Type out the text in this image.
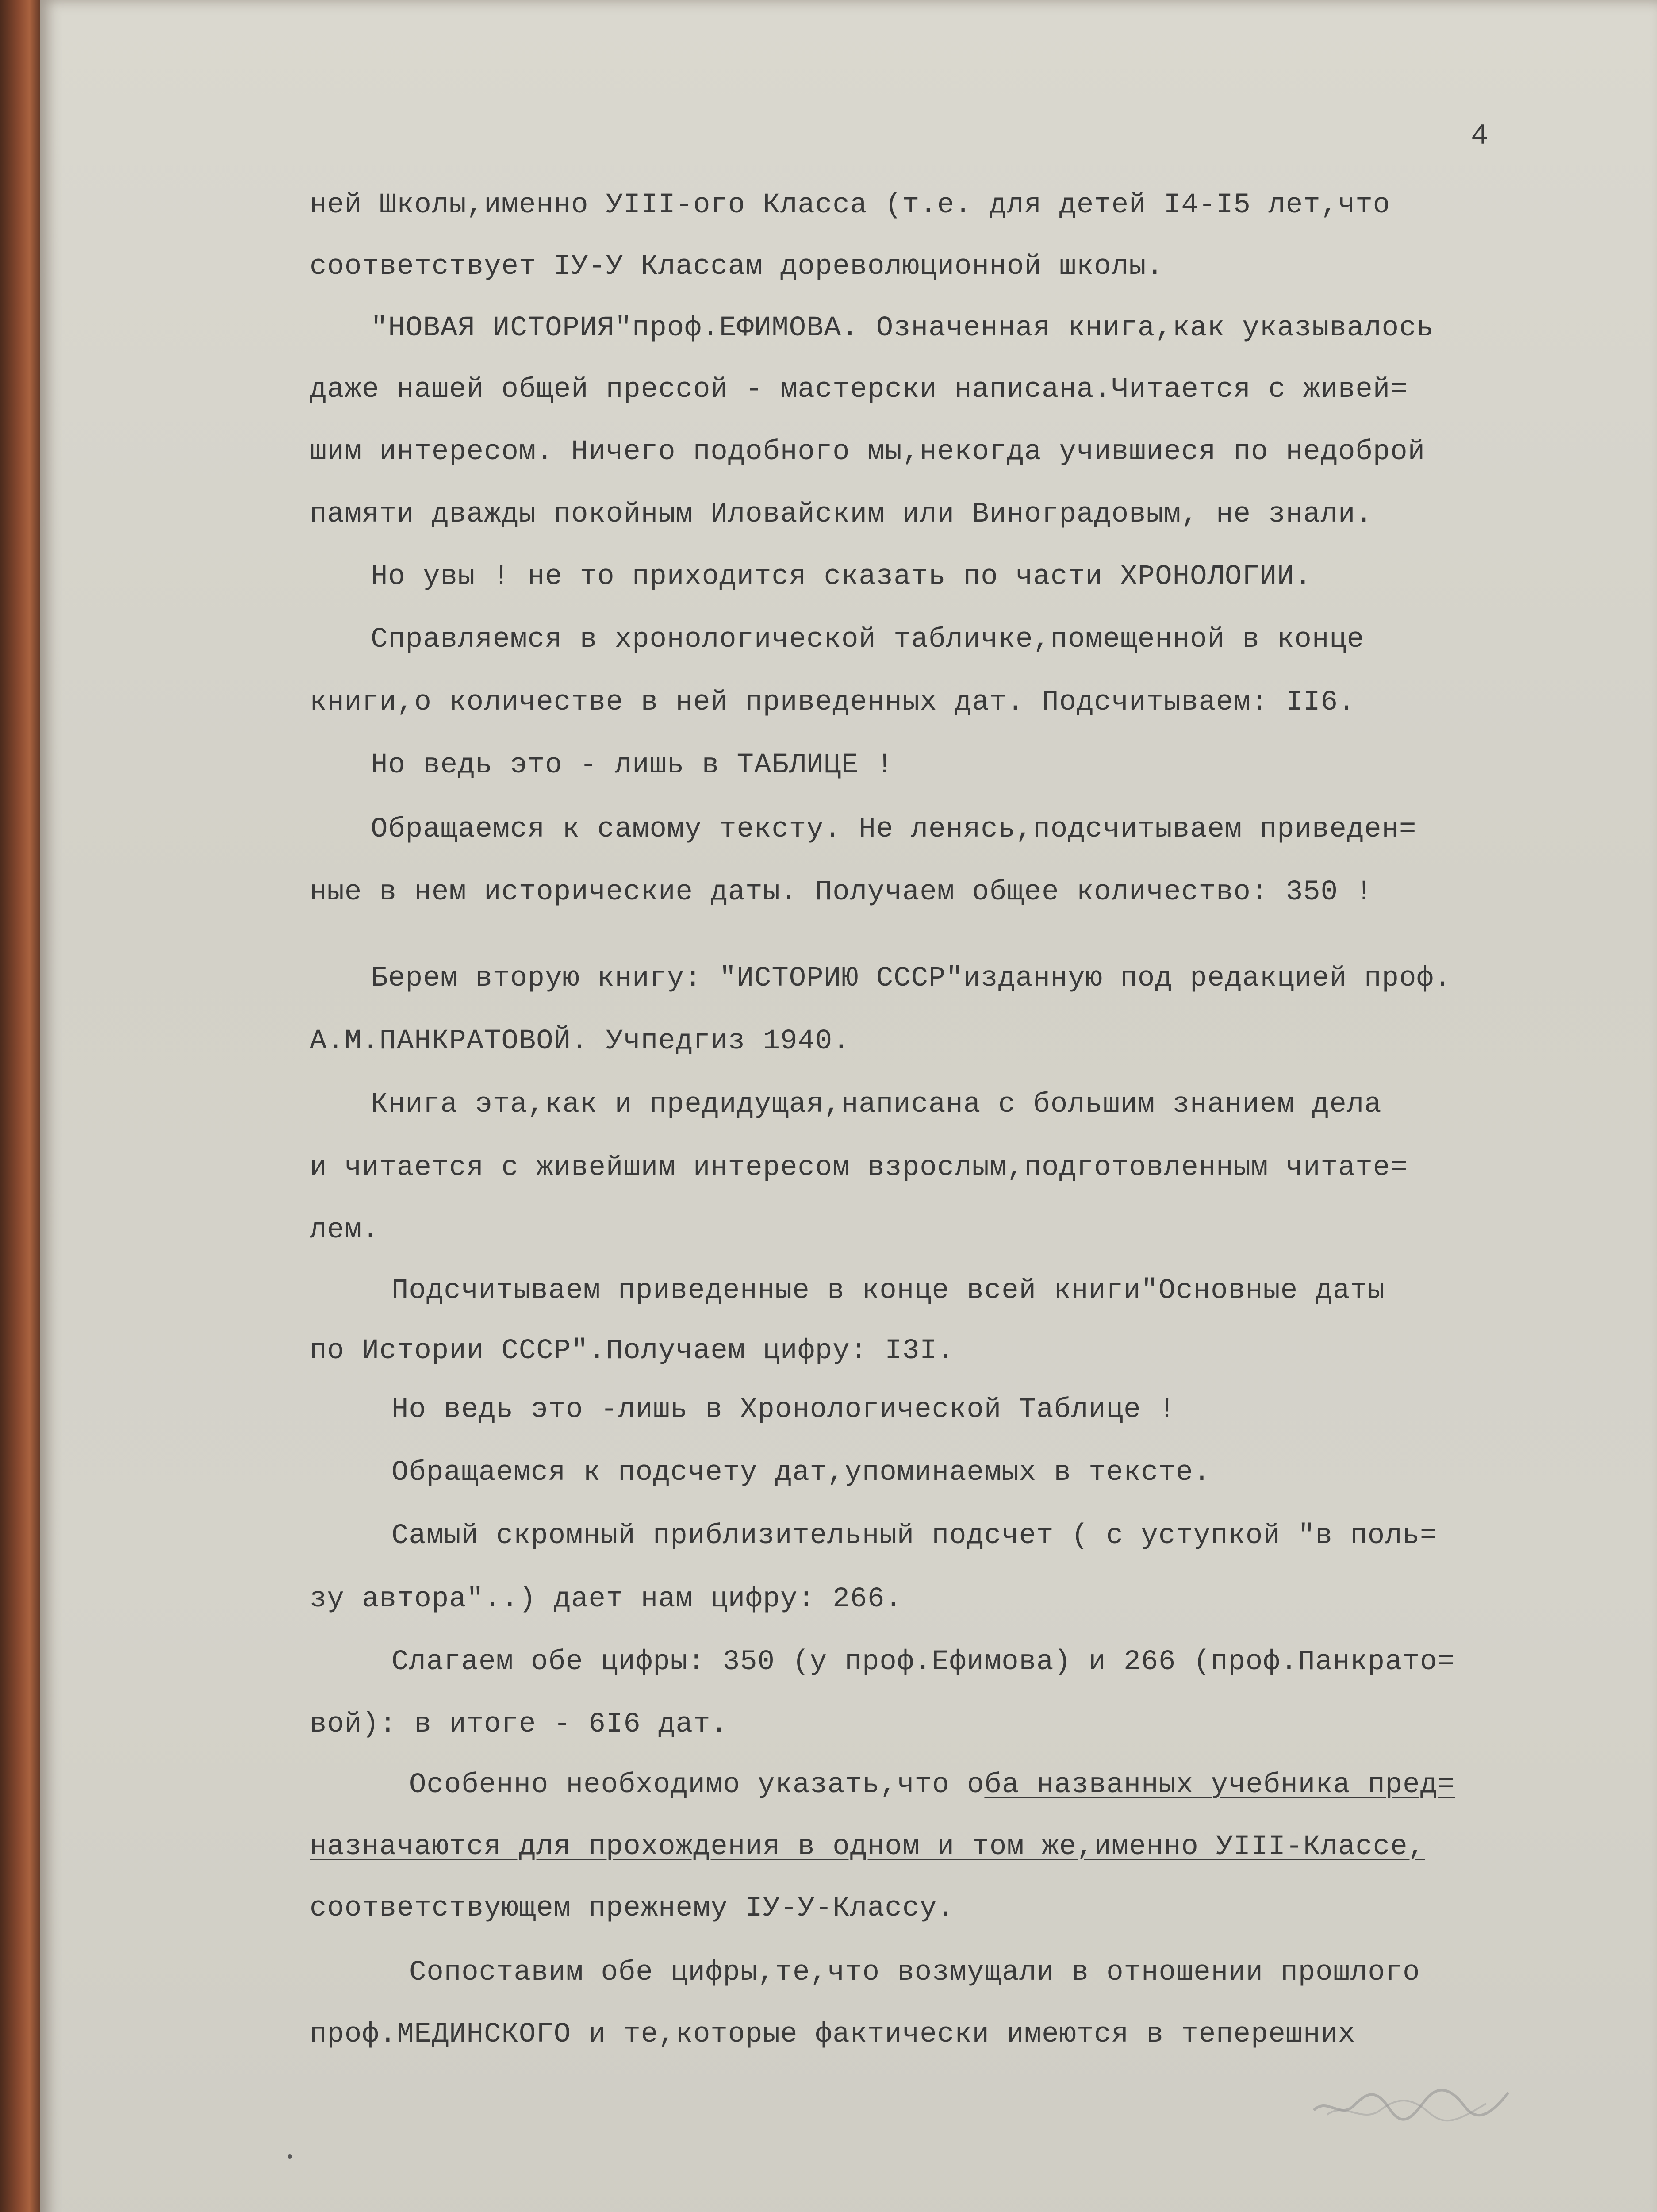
4
ней Школы,именно УIII-ого Класса (т.е. для детей I4-I5 лет,что
соответствует IУ-У Классам дореволюционной школы.
"НОВАЯ ИСТОРИЯ"проф.ЕФИМОВА. Означенная книга,как указывалось
даже нашей общей прессой - мастерски написана.Читается с живей=
шим интересом. Ничего подобного мы,некогда учившиеся по недоброй
памяти дважды покойным Иловайским или Виноградовым, не знали.
Но увы ! не то приходится сказать по части ХРОНОЛОГИИ.
Справляемся в хронологической табличке,помещенной в конце
книги,о количестве в ней приведенных дат. Подсчитываем: II6.
Но ведь это - лишь в ТАБЛИЦЕ !
Обращаемся к самому тексту. Не ленясь,подсчитываем приведен=
ные в нем исторические даты. Получаем общее количество: 350 !
Берем вторую книгу: "ИСТОРИЮ СССР"изданную под редакцией проф.
А.М.ПАНКРАТОВОЙ. Учпедгиз 1940.
Книга эта,как и предидущая,написана с большим знанием дела
и читается с живейшим интересом взрослым,подготовленным читате=
лем.
Подсчитываем приведенные в конце всей книги"Основные даты
по Истории СССР".Получаем цифру: I3I.
Но ведь это -лишь в Хронологической Таблице !
Обращаемся к подсчету дат,упоминаемых в тексте.
Самый скромный приблизительный подсчет ( с уступкой "в поль=
зу автора"..) дает нам цифру: 266.
Слагаем обе цифры: 350 (у проф.Ефимова) и 266 (проф.Панкрато=
вой): в итоге - 6I6 дат.
Особенно необходимо указать,что оба названных учебника пред=
назначаются для прохождения в одном и том же,именно УIII-Классе,
соответствующем прежнему IУ-У-Классу.
Сопоставим обе цифры,те,что возмущали в отношении прошлого
проф.МЕДИНСКОГО и те,которые фактически имеются в теперешних
